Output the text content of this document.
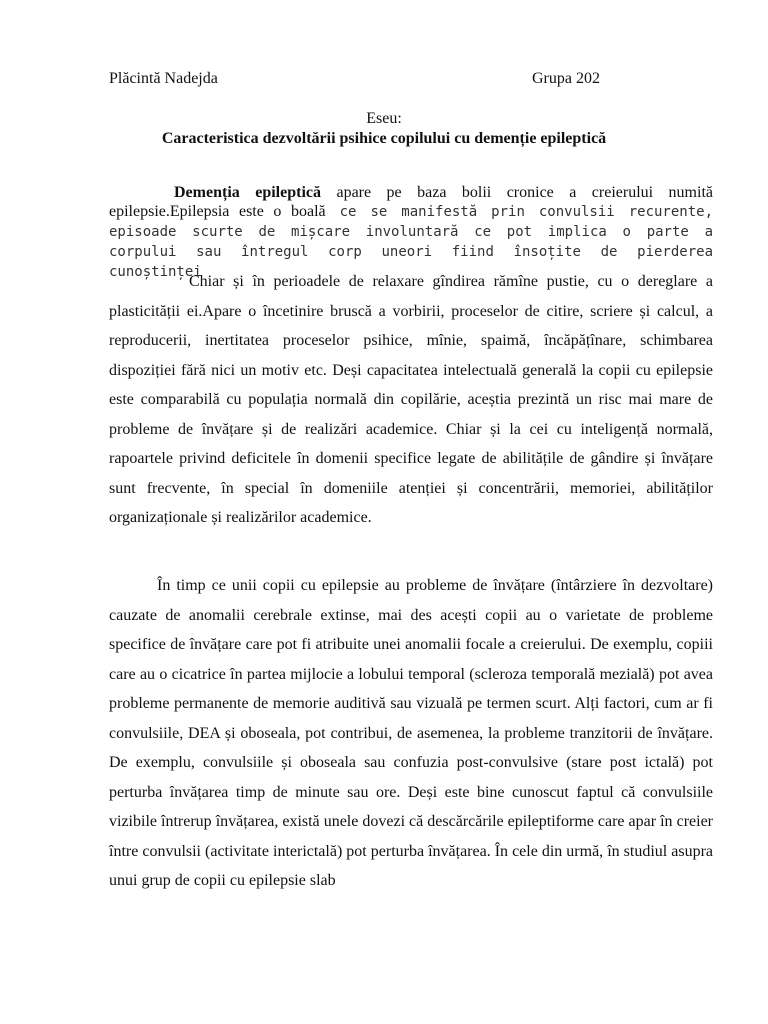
Plăcintă Nadejda	Grupa 202
Eseu:
Caracteristica dezvoltării psihice copilului cu demenție epileptică

Demenția epileptică apare pe baza bolii cronice a creierului numită epilepsie.Epilepsia este o boală ce se manifestă prin convulsii recurente, episoade scurte de mișcare involuntară ce pot implica o parte a corpului sau întregul corp uneori fiind însoțite de pierderea cunoștinței

Chiar și în perioadele de relaxare gîndirea rămîne pustie, cu o dereglare a plasticității ei.Apare o încetinire bruscă a vorbirii, proceselor de citire, scriere și calcul, a reproducerii, inertitatea proceselor psihice, mînie, spaimă, încăpățînare, schimbarea dispoziției fără nici un motiv etc. Deși capacitatea intelectuală generală la copii cu epilepsie este comparabilă cu populația normală din copilărie, aceștia prezintă un risc mai mare de probleme de învățare și de realizări academice. Chiar și la cei cu inteligență normală, rapoartele privind deficitele în domenii specifice legate de abilitățile de gândire și învățare sunt frecvente, în special în domeniile atenției și concentrării, memoriei, abilităților organizaționale și realizărilor academice.

În timp ce unii copii cu epilepsie au probleme de învățare (întârziere în dezvoltare) cauzate de anomalii cerebrale extinse, mai des acești copii au o varietate de probleme specifice de învățare care pot fi atribuite unei anomalii focale a creierului. De exemplu, copiii care au o cicatrice în partea mijlocie a lobului temporal (scleroza temporală mezială) pot avea probleme permanente de memorie auditivă sau vizuală pe termen scurt. Alți factori, cum ar fi convulsiile, DEA și oboseala, pot contribui, de asemenea, la probleme tranzitorii de învățare. De exemplu, convulsiile și oboseala sau confuzia post-convulsive (stare post ictală) pot perturba învățarea timp de minute sau ore. Deși este bine cunoscut faptul că convulsiile vizibile întrerup învățarea, există unele dovezi că descărcările epileptiforme care apar în creier între convulsii (activitate interictală) pot perturba învățarea. În cele din urmă, în studiul asupra unui grup de copii cu epilepsie slab
